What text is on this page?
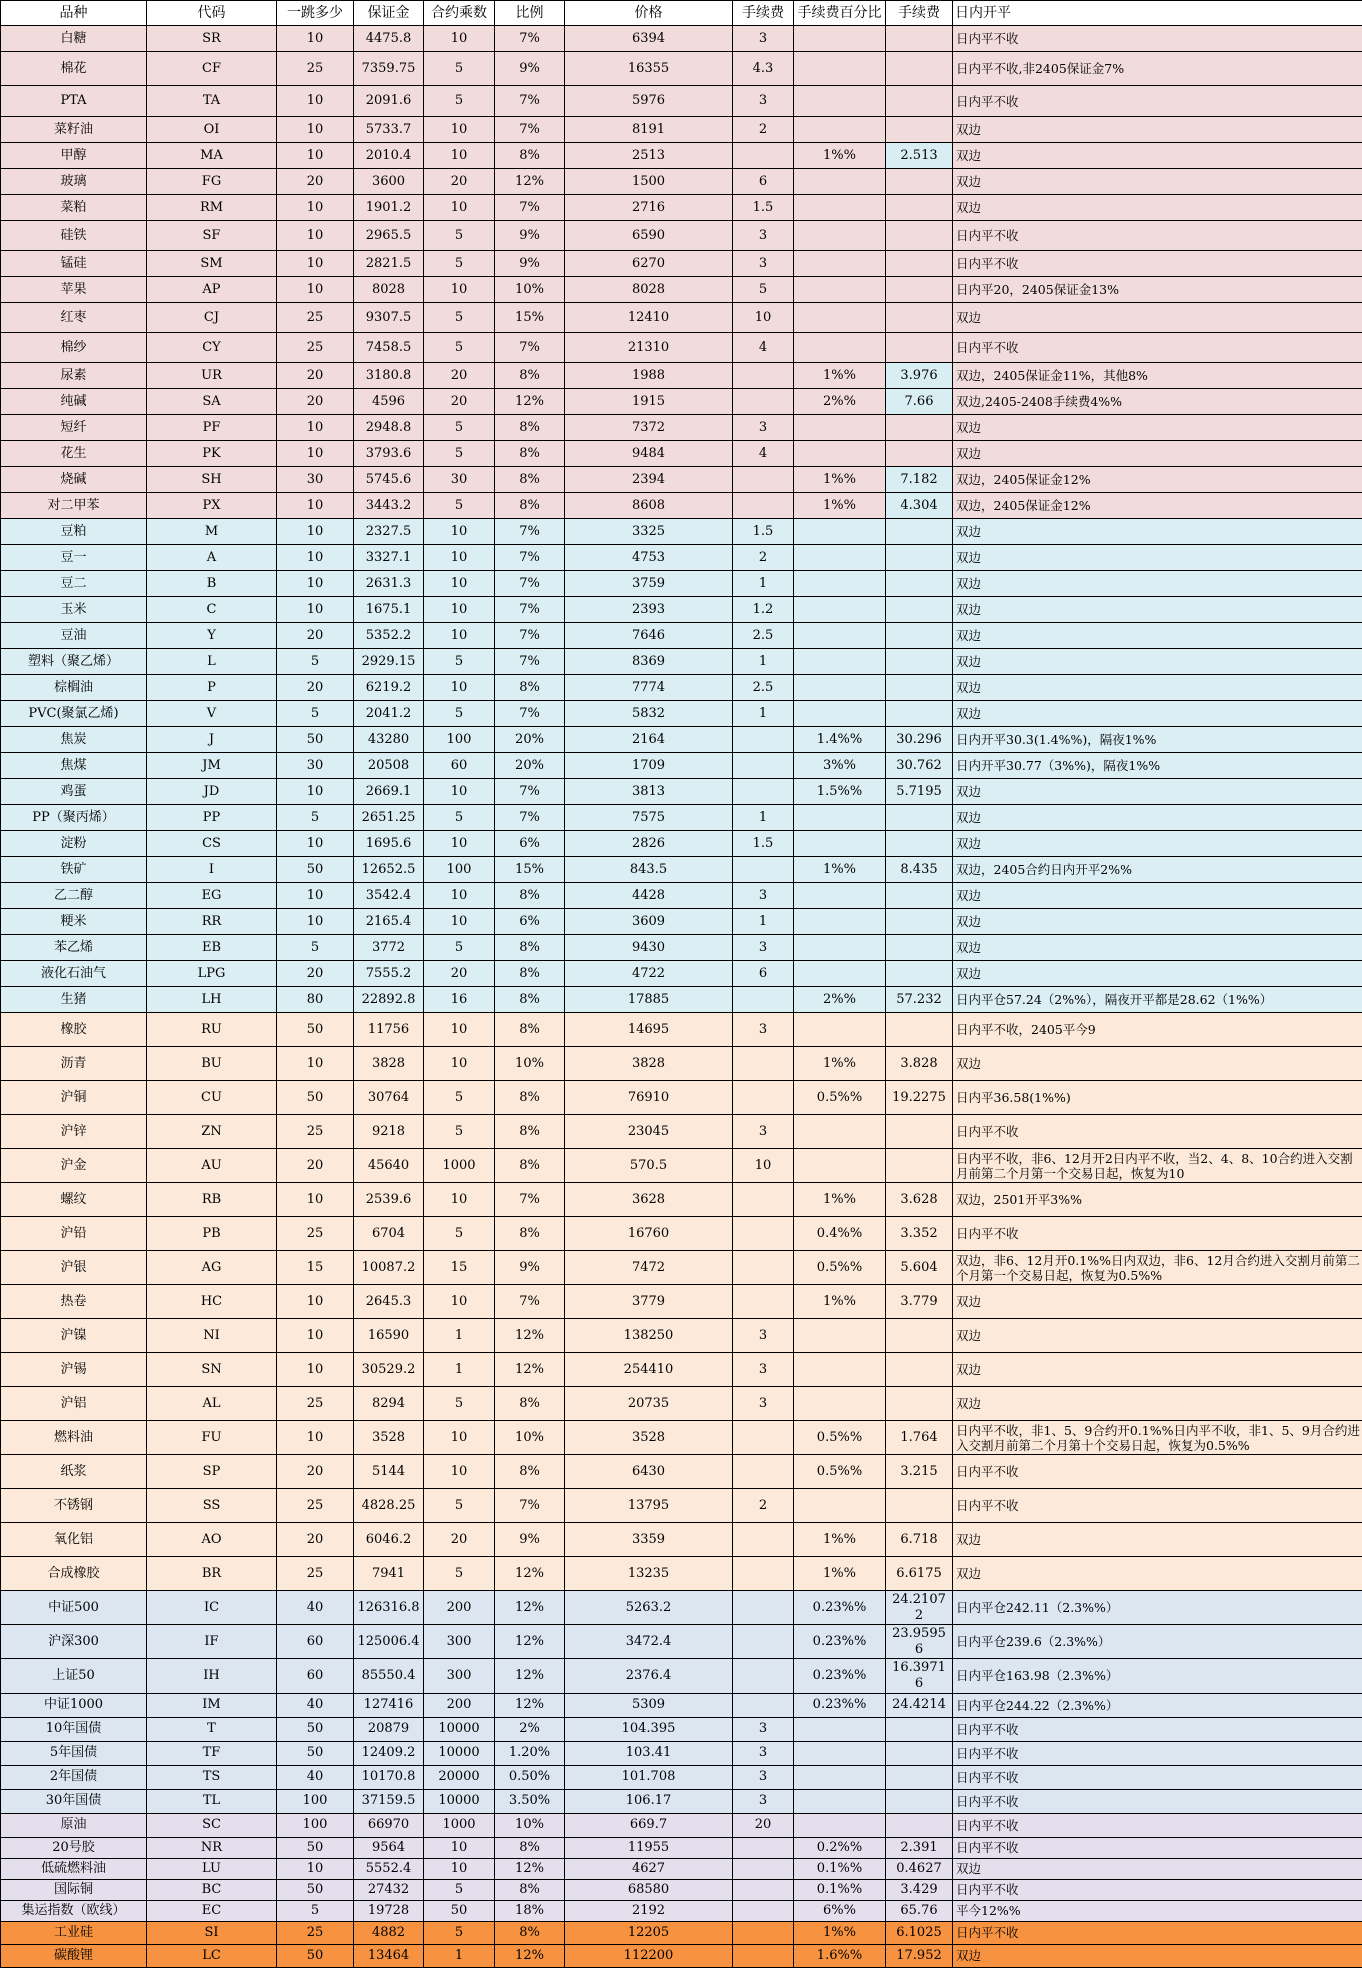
品种	代码	一跳多少	保证金	合约乘数	比例	价格	手续费	手续费百分比	手续费	日内开平
白糖	SR	10	4475.8	10	7%	6394	3			日内平不收
棉花	CF	25	7359.75	5	9%	16355	4.3			日内平不收,非2405保证金7%
PTA	TA	10	2091.6	5	7%	5976	3			日内平不收
菜籽油	OI	10	5733.7	10	7%	8191	2			双边
甲醇	MA	10	2010.4	10	8%	2513		1%%	2.513	双边
玻璃	FG	20	3600	20	12%	1500	6			双边
菜粕	RM	10	1901.2	10	7%	2716	1.5			双边
硅铁	SF	10	2965.5	5	9%	6590	3			日内平不收
锰硅	SM	10	2821.5	5	9%	6270	3			日内平不收
苹果	AP	10	8028	10	10%	8028	5			日内平20，2405保证金13%
红枣	CJ	25	9307.5	5	15%	12410	10			双边
棉纱	CY	25	7458.5	5	7%	21310	4			日内平不收
尿素	UR	20	3180.8	20	8%	1988		1%%	3.976	双边，2405保证金11%，其他8%
纯碱	SA	20	4596	20	12%	1915		2%%	7.66	双边,2405-2408手续费4%%
短纤	PF	10	2948.8	5	8%	7372	3			双边
花生	PK	10	3793.6	5	8%	9484	4			双边
烧碱	SH	30	5745.6	30	8%	2394		1%%	7.182	双边，2405保证金12%
对二甲苯	PX	10	3443.2	5	8%	8608		1%%	4.304	双边，2405保证金12%
豆粕	M	10	2327.5	10	7%	3325	1.5			双边
豆一	A	10	3327.1	10	7%	4753	2			双边
豆二	B	10	2631.3	10	7%	3759	1			双边
玉米	C	10	1675.1	10	7%	2393	1.2			双边
豆油	Y	20	5352.2	10	7%	7646	2.5			双边
塑料（聚乙烯）	L	5	2929.15	5	7%	8369	1			双边
棕榈油	P	20	6219.2	10	8%	7774	2.5			双边
PVC(聚氯乙烯)	V	5	2041.2	5	7%	5832	1			双边
焦炭	J	50	43280	100	20%	2164		1.4%%	30.296	日内开平30.3(1.4%%)，隔夜1%%
焦煤	JM	30	20508	60	20%	1709		3%%	30.762	日内开平30.77（3%%)，隔夜1%%
鸡蛋	JD	10	2669.1	10	7%	3813		1.5%%	5.7195	双边
PP（聚丙烯）	PP	5	2651.25	5	7%	7575	1			双边
淀粉	CS	10	1695.6	10	6%	2826	1.5			双边
铁矿	I	50	12652.5	100	15%	843.5		1%%	8.435	双边，2405合约日内开平2%%
乙二醇	EG	10	3542.4	10	8%	4428	3			双边
粳米	RR	10	2165.4	10	6%	3609	1			双边
苯乙烯	EB	5	3772	5	8%	9430	3			双边
液化石油气	LPG	20	7555.2	20	8%	4722	6			双边
生猪	LH	80	22892.8	16	8%	17885		2%%	57.232	日内平仓57.24（2%%），隔夜开平都是28.62（1%%）
橡胶	RU	50	11756	10	8%	14695	3			日内平不收，2405平今9
沥青	BU	10	3828	10	10%	3828		1%%	3.828	双边
沪铜	CU	50	30764	5	8%	76910		0.5%%	19.2275	日内平36.58(1%%)
沪锌	ZN	25	9218	5	8%	23045	3			日内平不收
沪金	AU	20	45640	1000	8%	570.5	10			日内平不收，非6、12月开2日内平不收，当2、4、8、10合约进入交割月前第二个月第一个交易日起，恢复为10
螺纹	RB	10	2539.6	10	7%	3628		1%%	3.628	双边，2501开平3%%
沪铅	PB	25	6704	5	8%	16760		0.4%%	3.352	日内平不收
沪银	AG	15	10087.2	15	9%	7472		0.5%%	5.604	双边，非6、12月开0.1%%日内双边，非6、12月合约进入交割月前第二个月第一个交易日起，恢复为0.5%%
热卷	HC	10	2645.3	10	7%	3779		1%%	3.779	双边
沪镍	NI	10	16590	1	12%	138250	3			双边
沪锡	SN	10	30529.2	1	12%	254410	3			双边
沪铝	AL	25	8294	5	8%	20735	3			双边
燃料油	FU	10	3528	10	10%	3528		0.5%%	1.764	日内平不收，非1、5、9合约开0.1%%日内平不收，非1、5、9月合约进入交割月前第二个月第十个交易日起，恢复为0.5%%
纸浆	SP	20	5144	10	8%	6430		0.5%%	3.215	日内平不收
不锈钢	SS	25	4828.25	5	7%	13795	2			日内平不收
氧化铝	AO	20	6046.2	20	9%	3359		1%%	6.718	双边
合成橡胶	BR	25	7941	5	12%	13235		1%%	6.6175	双边
中证500	IC	40	126316.8	200	12%	5263.2		0.23%%	24.21072	日内平仓242.11（2.3%%）
沪深300	IF	60	125006.4	300	12%	3472.4		0.23%%	23.95956	日内平仓239.6（2.3%%）
上证50	IH	60	85550.4	300	12%	2376.4		0.23%%	16.39716	日内平仓163.98（2.3%%）
中证1000	IM	40	127416	200	12%	5309		0.23%%	24.4214	日内平仓244.22（2.3%%）
10年国债	T	50	20879	10000	2%	104.395	3			日内平不收
5年国债	TF	50	12409.2	10000	1.20%	103.41	3			日内平不收
2年国债	TS	40	10170.8	20000	0.50%	101.708	3			日内平不收
30年国债	TL	100	37159.5	10000	3.50%	106.17	3			日内平不收
原油	SC	100	66970	1000	10%	669.7	20			日内平不收
20号胶	NR	50	9564	10	8%	11955		0.2%%	2.391	日内平不收
低硫燃料油	LU	10	5552.4	10	12%	4627		0.1%%	0.4627	双边
国际铜	BC	50	27432	5	8%	68580		0.1%%	3.429	日内平不收
集运指数（欧线）	EC	5	19728	50	18%	2192		6%%	65.76	平今12%%
工业硅	SI	25	4882	5	8%	12205		1%%	6.1025	日内平不收
碳酸锂	LC	50	13464	1	12%	112200		1.6%%	17.952	双边
